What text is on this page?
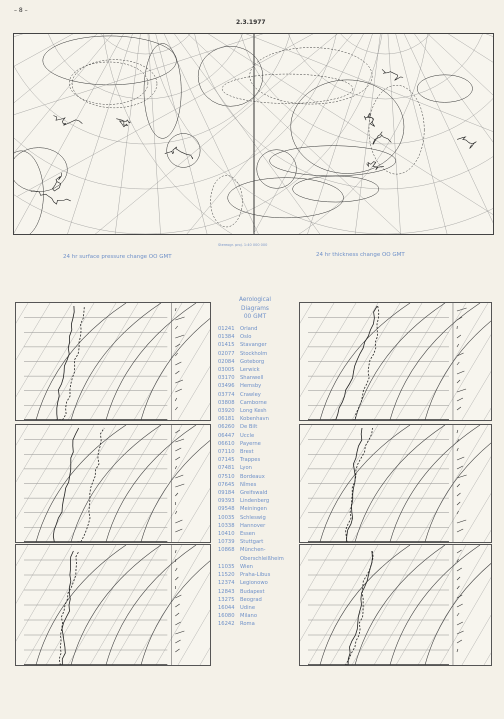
– 8 –
2.3.1977
Stereogr. proj. 1:40 000 000
24 hr surface pressure change OO GMT	24 hr thickness change OO GMT
Aerological
Diagrams
00 GMT
01241	Orland
01384	Oslo
01415	Stavanger
02077	Stockholm
02084	Goteborg
03005	Lerwick
03170	Shanwell
03496	Hemsby
03774	Crawley
03808	Camborne
03920	Long Kesh
06181	Kobenhavn
06260	De Bilt
06447	Uccle
06610	Payerne
07110	Brest
07145	Trappes
07481	Lyon
07510	Bordeaux
07645	Nîmes
09184	Greifswald
09393	Lindenberg
09548	Meiningen
10035	Schleswig
10338	Hannover
10410	Essen
10739	Stuttgart
10868	München-
Oberschleißheim
11035	Wien
11520	Praha-Libus
12374	Legionowo
12843	Budapest
13275	Beograd
16044	Udine
16080	Milano
16242	Roma
